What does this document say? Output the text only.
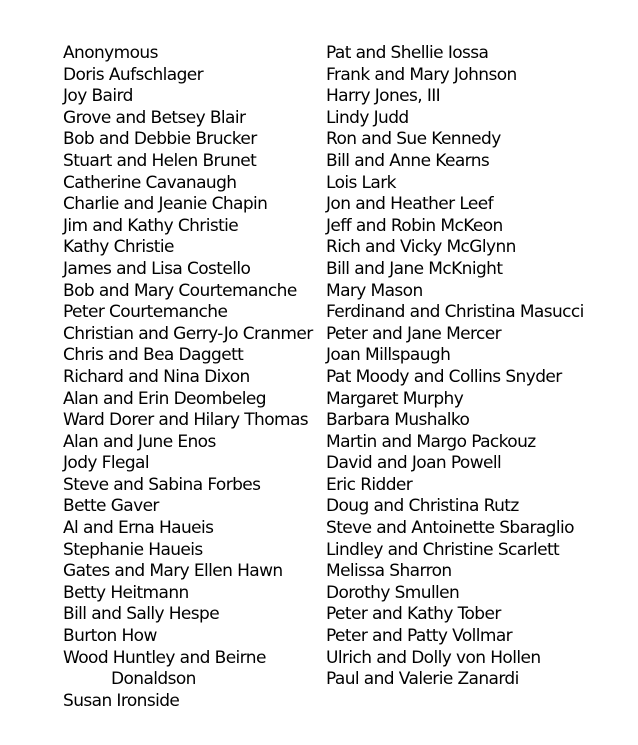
Anonymous
Doris Aufschlager
Joy Baird
Grove and Betsey Blair
Bob and Debbie Brucker
Stuart and Helen Brunet
Catherine Cavanaugh
Charlie and Jeanie Chapin
Jim and Kathy Christie
Kathy Christie
James and Lisa Costello
Bob and Mary Courtemanche
Peter Courtemanche
Christian and Gerry-Jo Cranmer
Chris and Bea Daggett
Richard and Nina Dixon
Alan and Erin Deombeleg
Ward Dorer and Hilary Thomas
Alan and June Enos
Jody Flegal
Steve and Sabina Forbes
Bette Gaver
Al and Erna Haueis
Stephanie Haueis
Gates and Mary Ellen Hawn
Betty Heitmann
Bill and Sally Hespe
Burton How
Wood Huntley and Beirne
Donaldson
Susan Ironside
Pat and Shellie Iossa
Frank and Mary Johnson
Harry Jones, III
Lindy Judd
Ron and Sue Kennedy
Bill and Anne Kearns
Lois Lark
Jon and Heather Leef
Jeff and Robin McKeon
Rich and Vicky McGlynn
Bill and Jane McKnight
Mary Mason
Ferdinand and Christina Masucci
Peter and Jane Mercer
Joan Millspaugh
Pat Moody and Collins Snyder
Margaret Murphy
Barbara Mushalko
Martin and Margo Packouz
David and Joan Powell
Eric Ridder
Doug and Christina Rutz
Steve and Antoinette Sbaraglio
Lindley and Christine Scarlett
Melissa Sharron
Dorothy Smullen
Peter and Kathy Tober
Peter and Patty Vollmar
Ulrich and Dolly von Hollen
Paul and Valerie Zanardi
